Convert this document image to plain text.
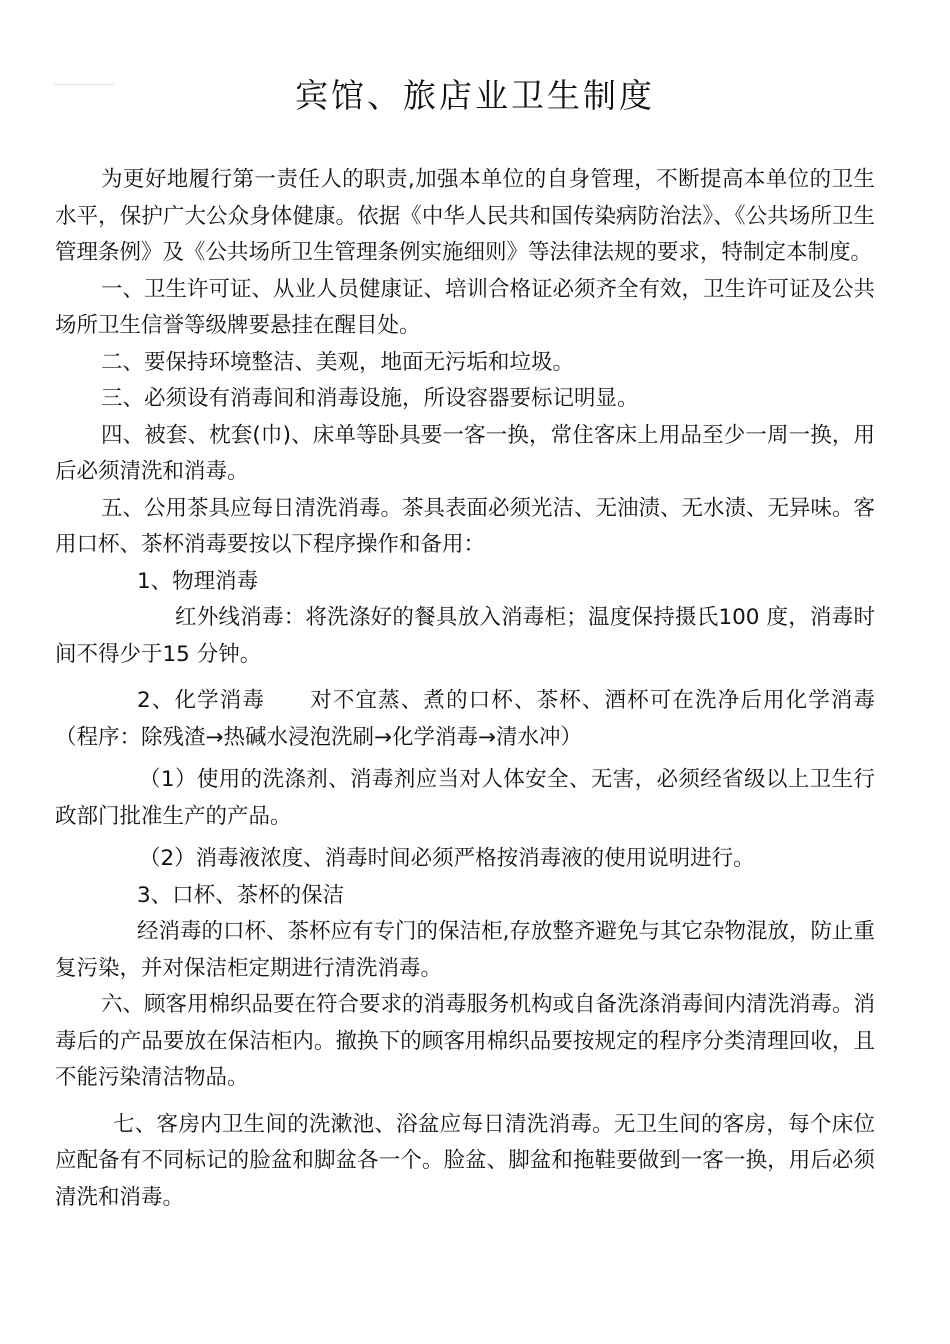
宾馆、旅店业卫生制度

为更好地履行第一责任人的职责,加强本单位的自身管理，不断提高本单位的卫生水平，保护广大公众身体健康。依据《中华人民共和国传染病防治法》、《公共场所卫生管理条例》及《公共场所卫生管理条例实施细则》等法律法规的要求，特制定本制度。

一、卫生许可证、从业人员健康证、培训合格证必须齐全有效，卫生许可证及公共场所卫生信誉等级牌要悬挂在醒目处。

二、要保持环境整洁、美观，地面无污垢和垃圾。

三、必须设有消毒间和消毒设施，所设容器要标记明显。

四、被套、枕套(巾)、床单等卧具要一客一换，常住客床上用品至少一周一换，用后必须清洗和消毒。

五、公用茶具应每日清洗消毒。茶具表面必须光洁、无油渍、无水渍、无异味。客用口杯、茶杯消毒要按以下程序操作和备用：

1、物理消毒

红外线消毒：将洗涤好的餐具放入消毒柜；温度保持摄氏100 度，消毒时间不得少于15 分钟。

2、化学消毒　　对不宜蒸、煮的口杯、茶杯、酒杯可在洗净后用化学消毒（程序：除残渣→热碱水浸泡洗刷→化学消毒→清水冲）

（1）使用的洗涤剂、消毒剂应当对人体安全、无害，必须经省级以上卫生行政部门批准生产的产品。

（2）消毒液浓度、消毒时间必须严格按消毒液的使用说明进行。

3、口杯、茶杯的保洁

经消毒的口杯、茶杯应有专门的保洁柜,存放整齐避免与其它杂物混放，防止重复污染，并对保洁柜定期进行清洗消毒。

六、顾客用棉织品要在符合要求的消毒服务机构或自备洗涤消毒间内清洗消毒。消毒后的产品要放在保洁柜内。撤换下的顾客用棉织品要按规定的程序分类清理回收，且不能污染清洁物品。

七、客房内卫生间的洗漱池、浴盆应每日清洗消毒。无卫生间的客房，每个床位应配备有不同标记的脸盆和脚盆各一个。脸盆、脚盆和拖鞋要做到一客一换，用后必须清洗和消毒。
